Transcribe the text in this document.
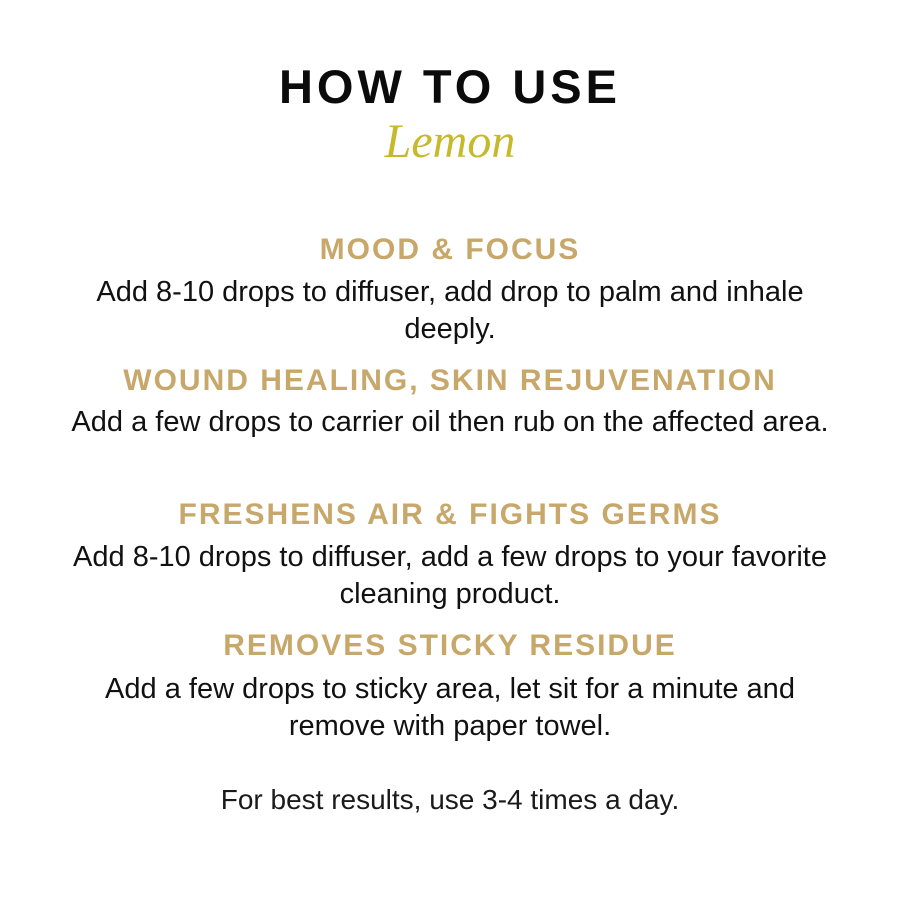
HOW TO USE
Lemon
MOOD & FOCUS
Add 8-10 drops to diffuser, add drop to palm and inhale deeply.
WOUND HEALING, SKIN REJUVENATION
Add a few drops to carrier oil then rub on the affected area.
FRESHENS AIR & FIGHTS GERMS
Add 8-10 drops to diffuser, add a few drops to your favorite cleaning product.
REMOVES STICKY RESIDUE
Add a few drops to sticky area, let sit for a minute and remove with paper towel.
For best results, use 3-4 times a day.
